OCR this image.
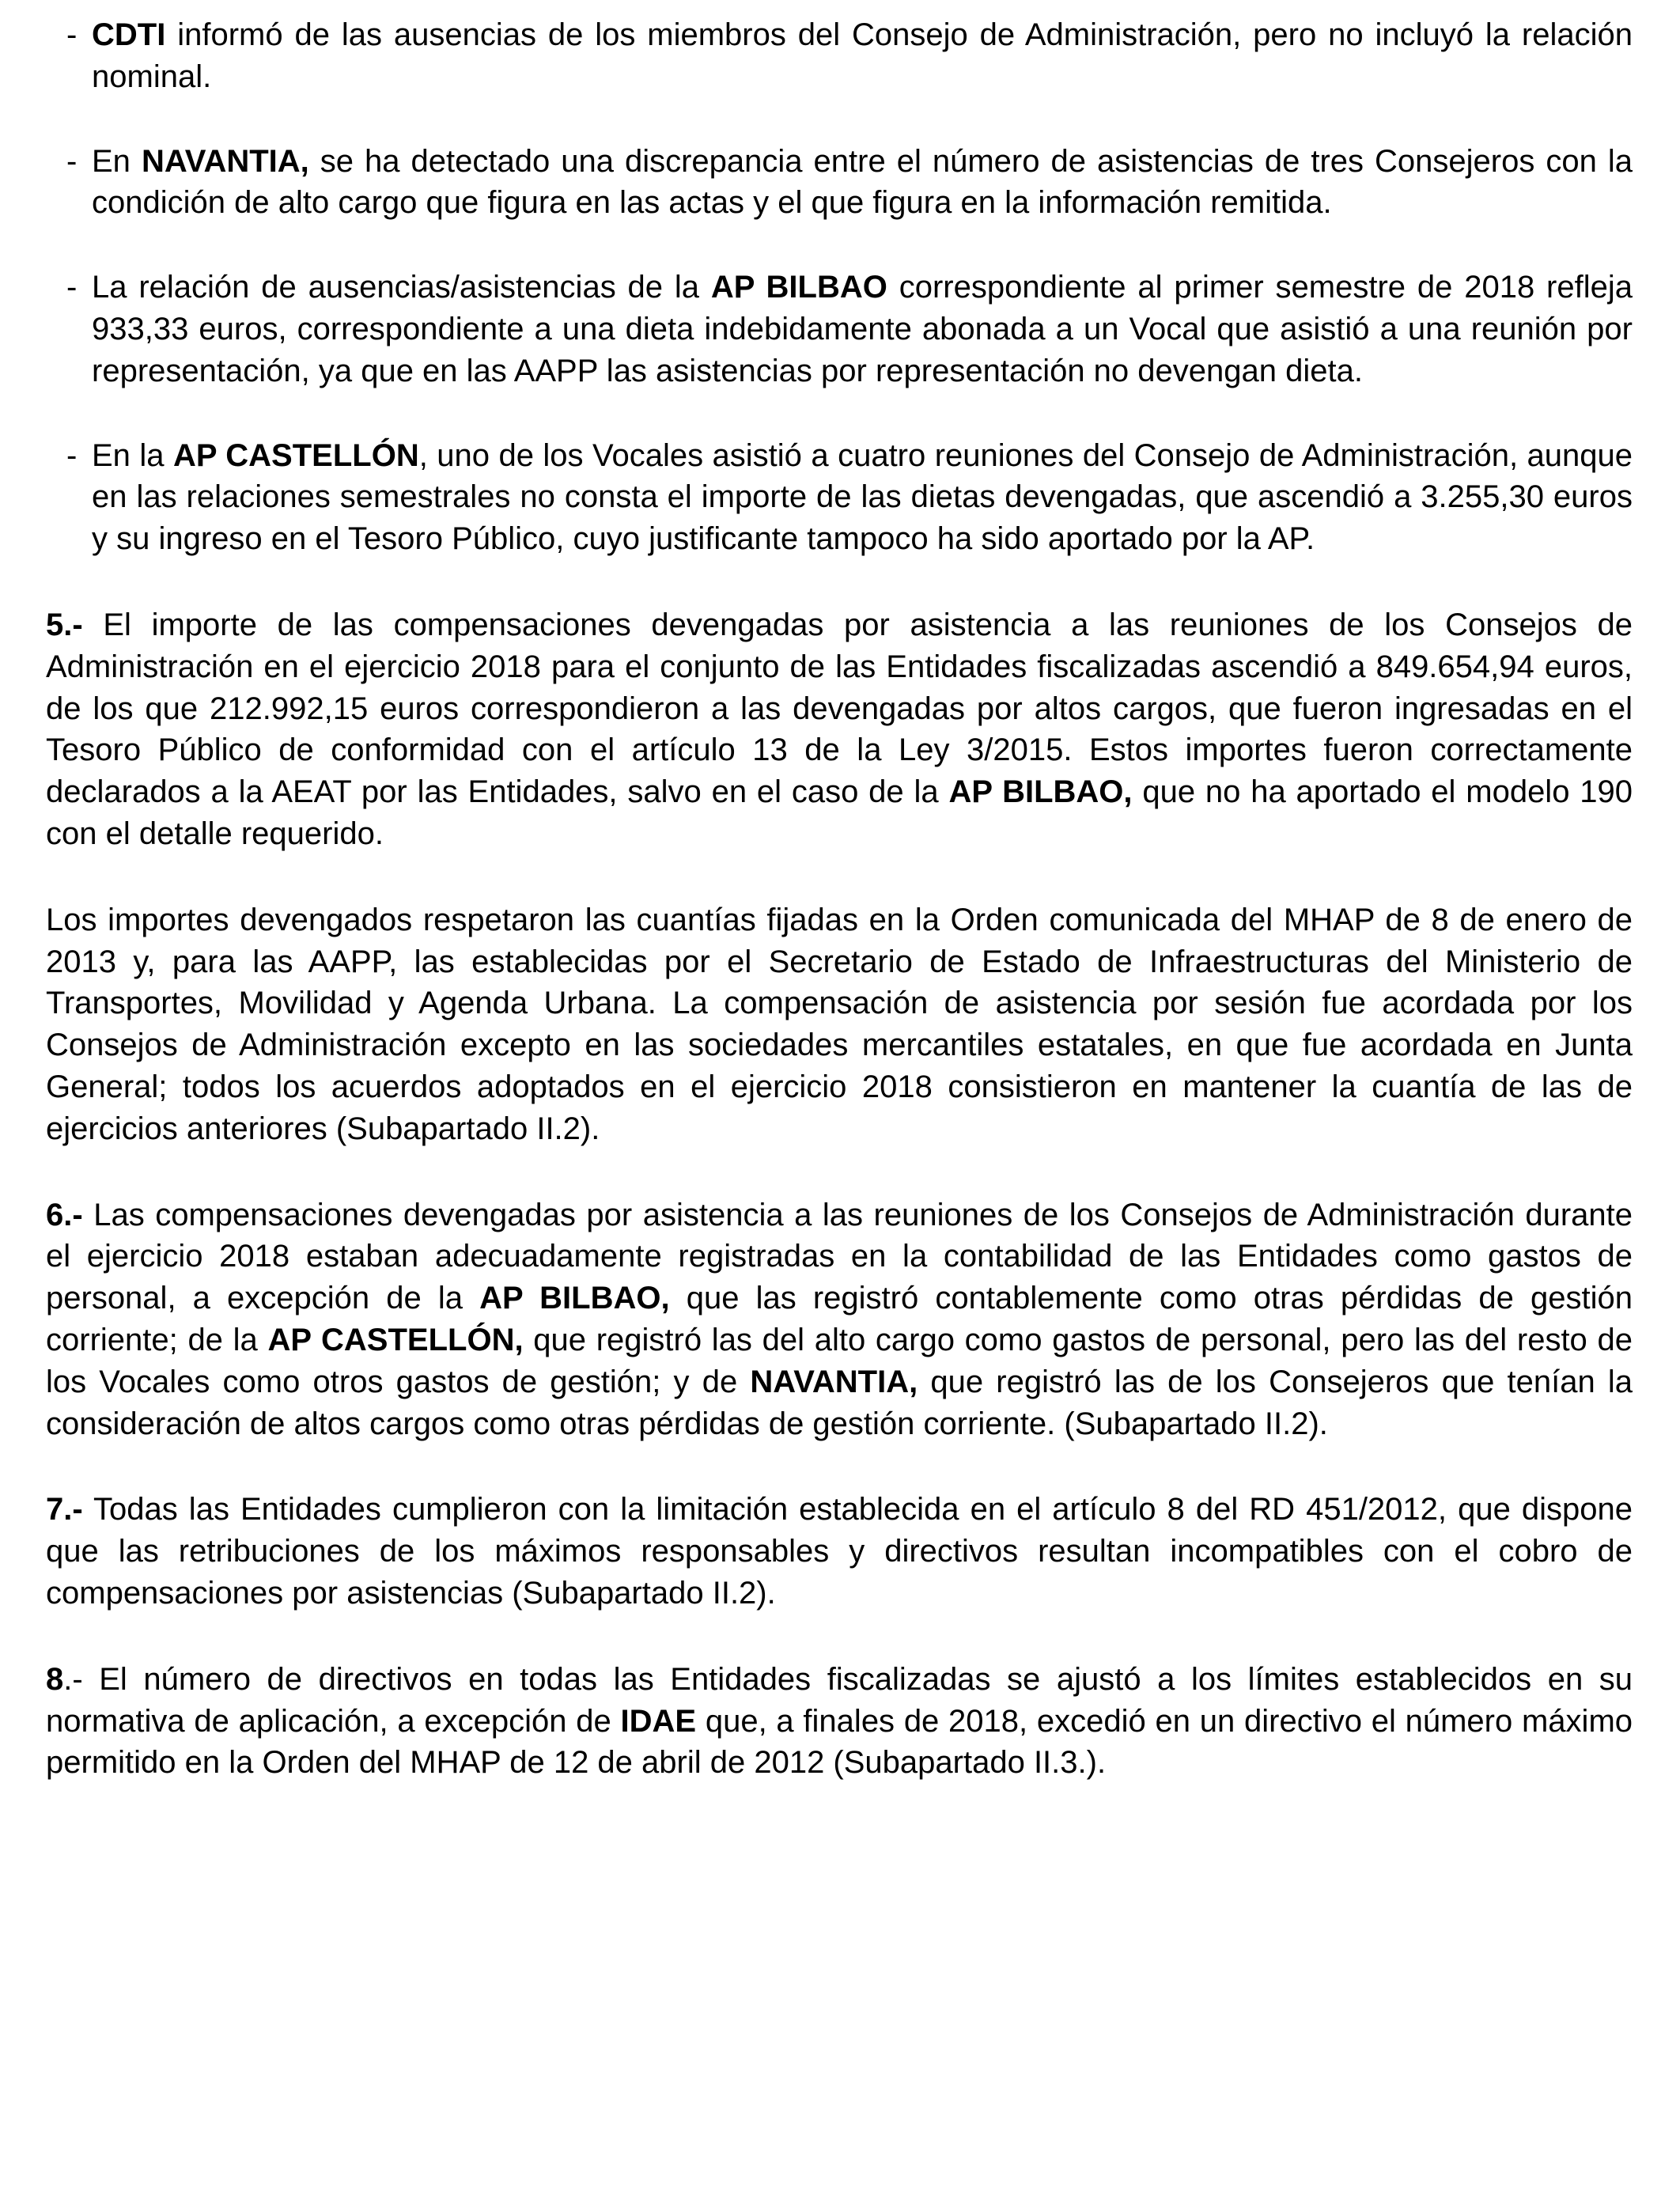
- CDTI informó de las ausencias de los miembros del Consejo de Administración, pero no incluyó la relación nominal.
- En NAVANTIA, se ha detectado una discrepancia entre el número de asistencias de tres Consejeros con la condición de alto cargo que figura en las actas y el que figura en la información remitida.
- La relación de ausencias/asistencias de la AP BILBAO correspondiente al primer semestre de 2018 refleja 933,33 euros, correspondiente a una dieta indebidamente abonada a un Vocal que asistió a una reunión por representación, ya que en las AAPP las asistencias por representación no devengan dieta.
- En la AP CASTELLÓN, uno de los Vocales asistió a cuatro reuniones del Consejo de Administración, aunque en las relaciones semestrales no consta el importe de las dietas devengadas, que ascendió a 3.255,30 euros y su ingreso en el Tesoro Público, cuyo justificante tampoco ha sido aportado por la AP.
5.- El importe de las compensaciones devengadas por asistencia a las reuniones de los Consejos de Administración en el ejercicio 2018 para el conjunto de las Entidades fiscalizadas ascendió a 849.654,94 euros, de los que 212.992,15 euros correspondieron a las devengadas por altos cargos, que fueron ingresadas en el Tesoro Público de conformidad con el artículo 13 de la Ley 3/2015. Estos importes fueron correctamente declarados a la AEAT por las Entidades, salvo en el caso de la AP BILBAO, que no ha aportado el modelo 190 con el detalle requerido.
Los importes devengados respetaron las cuantías fijadas en la Orden comunicada del MHAP de 8 de enero de 2013 y, para las AAPP, las establecidas por el Secretario de Estado de Infraestructuras del Ministerio de Transportes, Movilidad y Agenda Urbana. La compensación de asistencia por sesión fue acordada por los Consejos de Administración excepto en las sociedades mercantiles estatales, en que fue acordada en Junta General; todos los acuerdos adoptados en el ejercicio 2018 consistieron en mantener la cuantía de las de ejercicios anteriores (Subapartado II.2).
6.- Las compensaciones devengadas por asistencia a las reuniones de los Consejos de Administración durante el ejercicio 2018 estaban adecuadamente registradas en la contabilidad de las Entidades como gastos de personal, a excepción de la AP BILBAO, que las registró contablemente como otras pérdidas de gestión corriente; de la AP CASTELLÓN, que registró las del alto cargo como gastos de personal, pero las del resto de los Vocales como otros gastos de gestión; y de NAVANTIA, que registró las de los Consejeros que tenían la consideración de altos cargos como otras pérdidas de gestión corriente. (Subapartado II.2).
7.- Todas las Entidades cumplieron con la limitación establecida en el artículo 8 del RD 451/2012, que dispone que las retribuciones de los máximos responsables y directivos resultan incompatibles con el cobro de compensaciones por asistencias (Subapartado II.2).
8.- El número de directivos en todas las Entidades fiscalizadas se ajustó a los límites establecidos en su normativa de aplicación, a excepción de IDAE que, a finales de 2018, excedió en un directivo el número máximo permitido en la Orden del MHAP de 12 de abril de 2012 (Subapartado II.3.).
